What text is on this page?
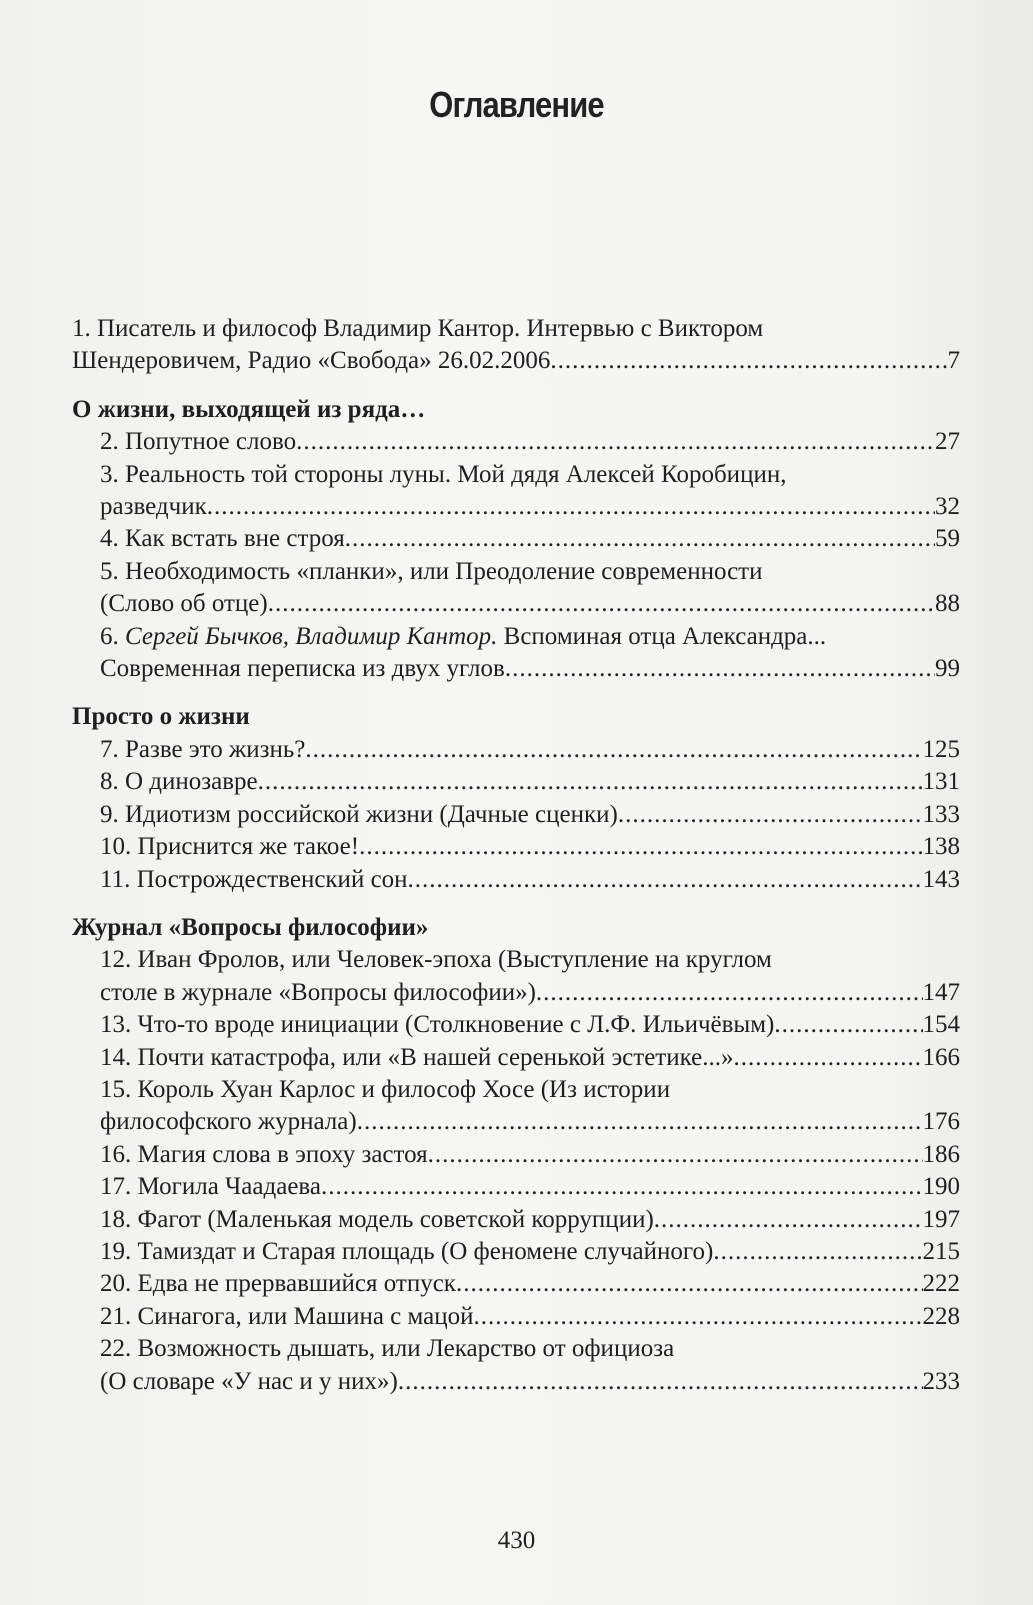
Оглавление
1. Писатель и философ Владимир Кантор. Интервью с Виктором
Шендеровичем, Радио «Свобода» 26.02.2006 .....	7
О жизни, выходящей из ряда…
2. Попутное слово .....	27
3. Реальность той стороны луны. Мой дядя Алексей Коробицин,
разведчик .....	32
4. Как встать вне строя .....	59
5. Необходимость «планки», или Преодоление современности
(Слово об отце) .....	88
6. Сергей Бычков, Владимир Кантор. Вспоминая отца Александра...
Современная переписка из двух углов .....	99
Просто о жизни
7. Разве это жизнь? .....	125
8. О динозавре .....	131
9. Идиотизм российской жизни (Дачные сценки) .....	133
10. Приснится же такое! .....	138
11. Построждественский сон .....	143
Журнал «Вопросы философии»
12. Иван Фролов, или Человек-эпоха (Выступление на круглом
столе в журнале «Вопросы философии») .....	147
13. Что-то вроде инициации (Столкновение с Л.Ф. Ильичёвым) .....	154
14. Почти катастрофа, или «В нашей серенькой эстетике...» .....	166
15. Король Хуан Карлос и философ Хосе (Из истории
философского журнала) .....	176
16. Магия слова в эпоху застоя .....	186
17. Могила Чаадаева .....	190
18. Фагот (Маленькая модель советской коррупции) .....	197
19. Тамиздат и Старая площадь (О феномене случайного) .....	215
20. Едва не прервавшийся отпуск .....	222
21. Синагога, или Машина с мацой .....	228
22. Возможность дышать, или Лекарство от официоза
(О словаре «У нас и у них») .....	233
430
